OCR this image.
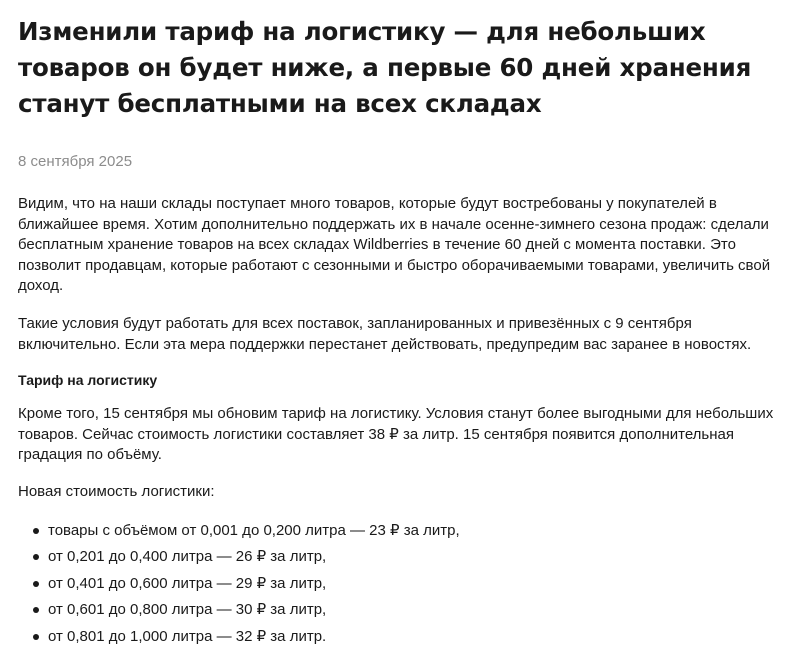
Изменили тариф на логистику — для небольших товаров он будет ниже, а первые 60 дней хранения станут бесплатными на всех складах
8 сентября 2025

Видим, что на наши склады поступает много товаров, которые будут востребованы у покупателей в ближайшее время. Хотим дополнительно поддержать их в начале осенне-зимнего сезона продаж: сделали бесплатным хранение товаров на всех складах Wildberries в течение 60 дней с момента поставки. Это позволит продавцам, которые работают с сезонными и быстро оборачиваемыми товарами, увеличить свой доход.

Такие условия будут работать для всех поставок, запланированных и привезённых с 9 сентября включительно. Если эта мера поддержки перестанет действовать, предупредим вас заранее в новостях.

Тариф на логистику

Кроме того, 15 сентября мы обновим тариф на логистику. Условия станут более выгодными для небольших товаров. Сейчас стоимость логистики составляет 38 ₽ за литр. 15 сентября появится дополнительная градация по объёму.

Новая стоимость логистики:

товары с объёмом от 0,001 до 0,200 литра — 23 ₽ за литр,
от 0,201 до 0,400 литра — 26 ₽ за литр,
от 0,401 до 0,600 литра — 29 ₽ за литр,
от 0,601 до 0,800 литра — 30 ₽ за литр,
от 0,801 до 1,000 литра — 32 ₽ за литр.
